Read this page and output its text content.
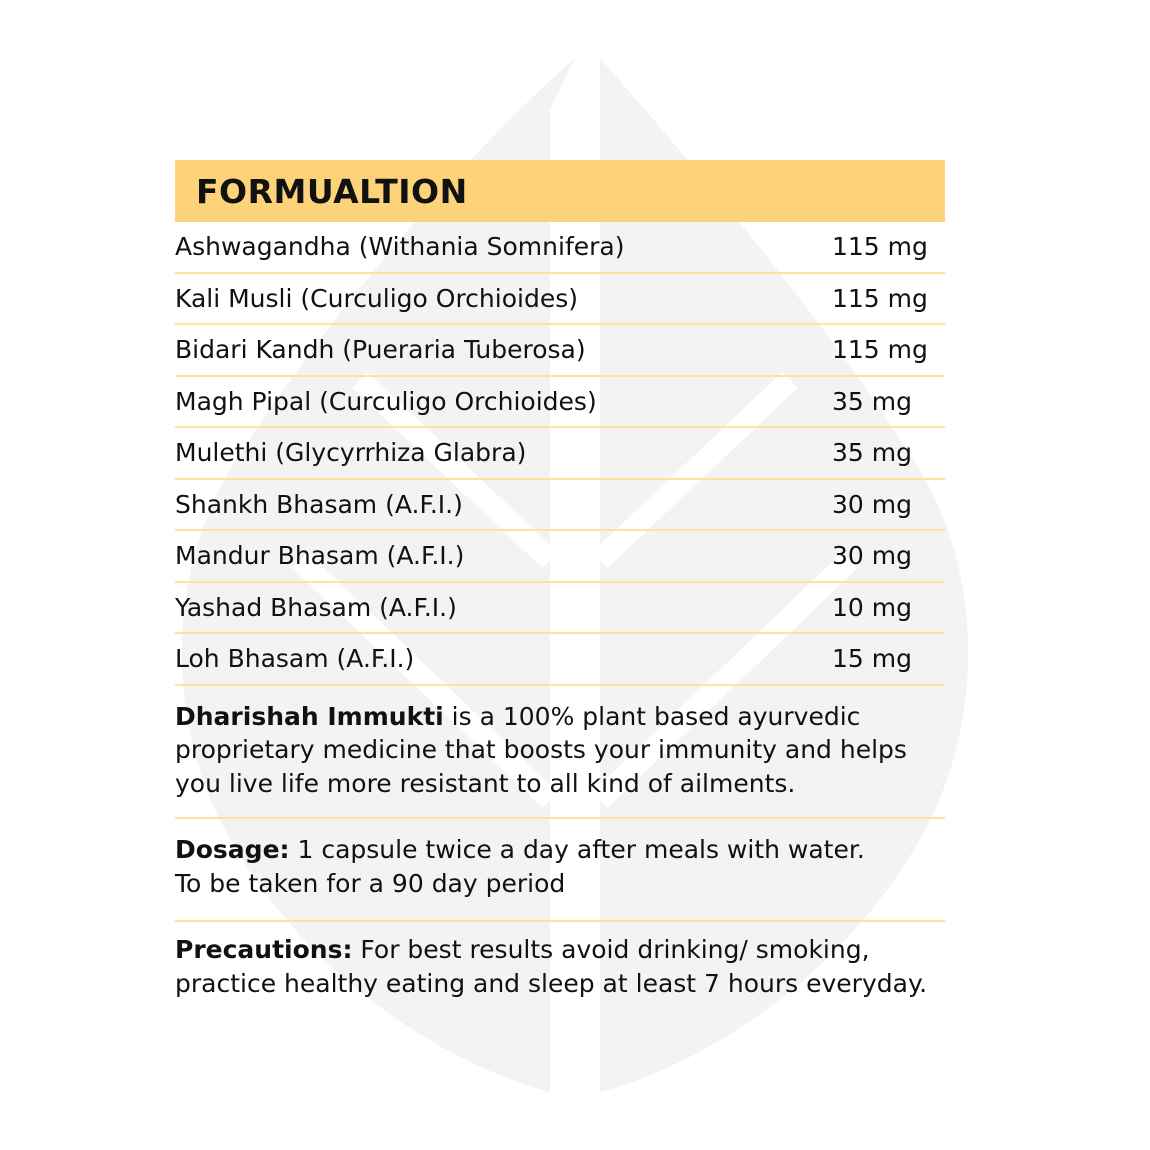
FORMUALTION
Ashwagandha (Withania Somnifera)	115 mg
Kali Musli (Curculigo Orchioides)	115 mg
Bidari Kandh (Pueraria Tuberosa)	115 mg
Magh Pipal (Curculigo Orchioides)	35 mg
Mulethi (Glycyrrhiza Glabra)	35 mg
Shankh Bhasam (A.F.I.)	30 mg
Mandur Bhasam (A.F.I.)	30 mg
Yashad Bhasam (A.F.I.)	10 mg
Loh Bhasam (A.F.I.)	15 mg
Dharishah Immukti is a 100% plant based ayurvedic
proprietary medicine that boosts your immunity and helps
you live life more resistant to all kind of ailments.
Dosage: 1 capsule twice a day after meals with water.
To be taken for a 90 day period
Precautions: For best results avoid drinking/ smoking,
practice healthy eating and sleep at least 7 hours everyday.
